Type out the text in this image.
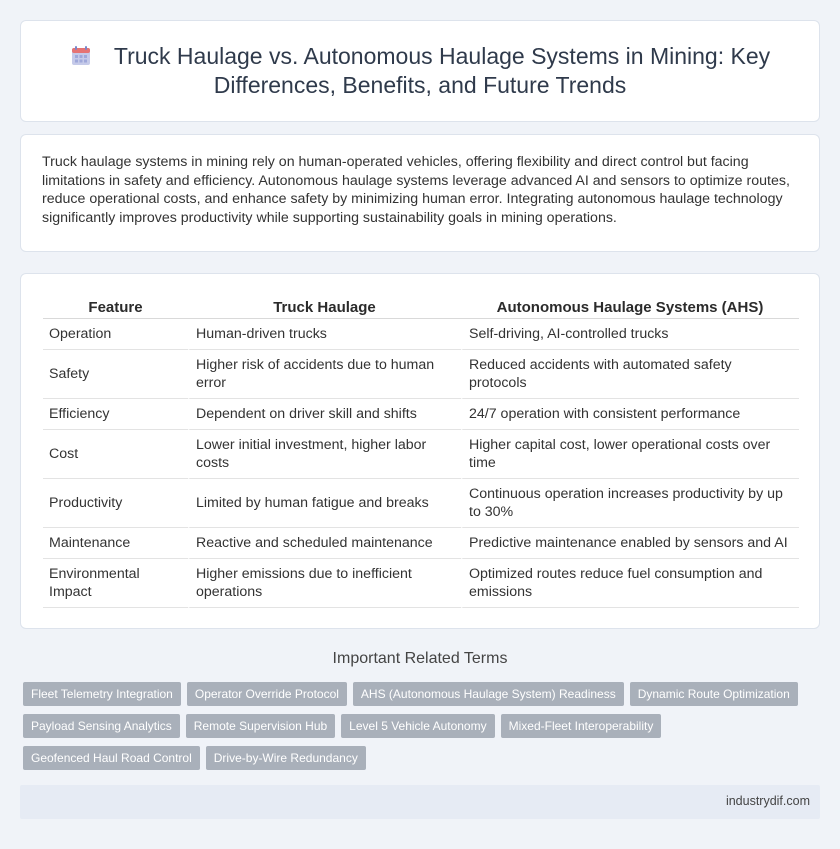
Truck Haulage vs. Autonomous Haulage Systems in Mining: Key Differences, Benefits, and Future Trends

Truck haulage systems in mining rely on human-operated vehicles, offering flexibility and direct control but facing limitations in safety and efficiency. Autonomous haulage systems leverage advanced AI and sensors to optimize routes, reduce operational costs, and enhance safety by minimizing human error. Integrating autonomous haulage technology significantly improves productivity while supporting sustainability goals in mining operations.

Feature	Truck Haulage	Autonomous Haulage Systems (AHS)
Operation	Human-driven trucks	Self-driving, AI-controlled trucks
Safety	Higher risk of accidents due to human error	Reduced accidents with automated safety protocols
Efficiency	Dependent on driver skill and shifts	24/7 operation with consistent performance
Cost	Lower initial investment, higher labor costs	Higher capital cost, lower operational costs over time
Productivity	Limited by human fatigue and breaks	Continuous operation increases productivity by up to 30%
Maintenance	Reactive and scheduled maintenance	Predictive maintenance enabled by sensors and AI
Environmental Impact	Higher emissions due to inefficient operations	Optimized routes reduce fuel consumption and emissions
Important Related Terms
Fleet Telemetry Integration	Operator Override Protocol	AHS (Autonomous Haulage System) Readiness	Dynamic Route Optimization
Payload Sensing Analytics	Remote Supervision Hub	Level 5 Vehicle Autonomy	Mixed-Fleet Interoperability
Geofenced Haul Road Control	Drive-by-Wire Redundancy
industrydif.com
